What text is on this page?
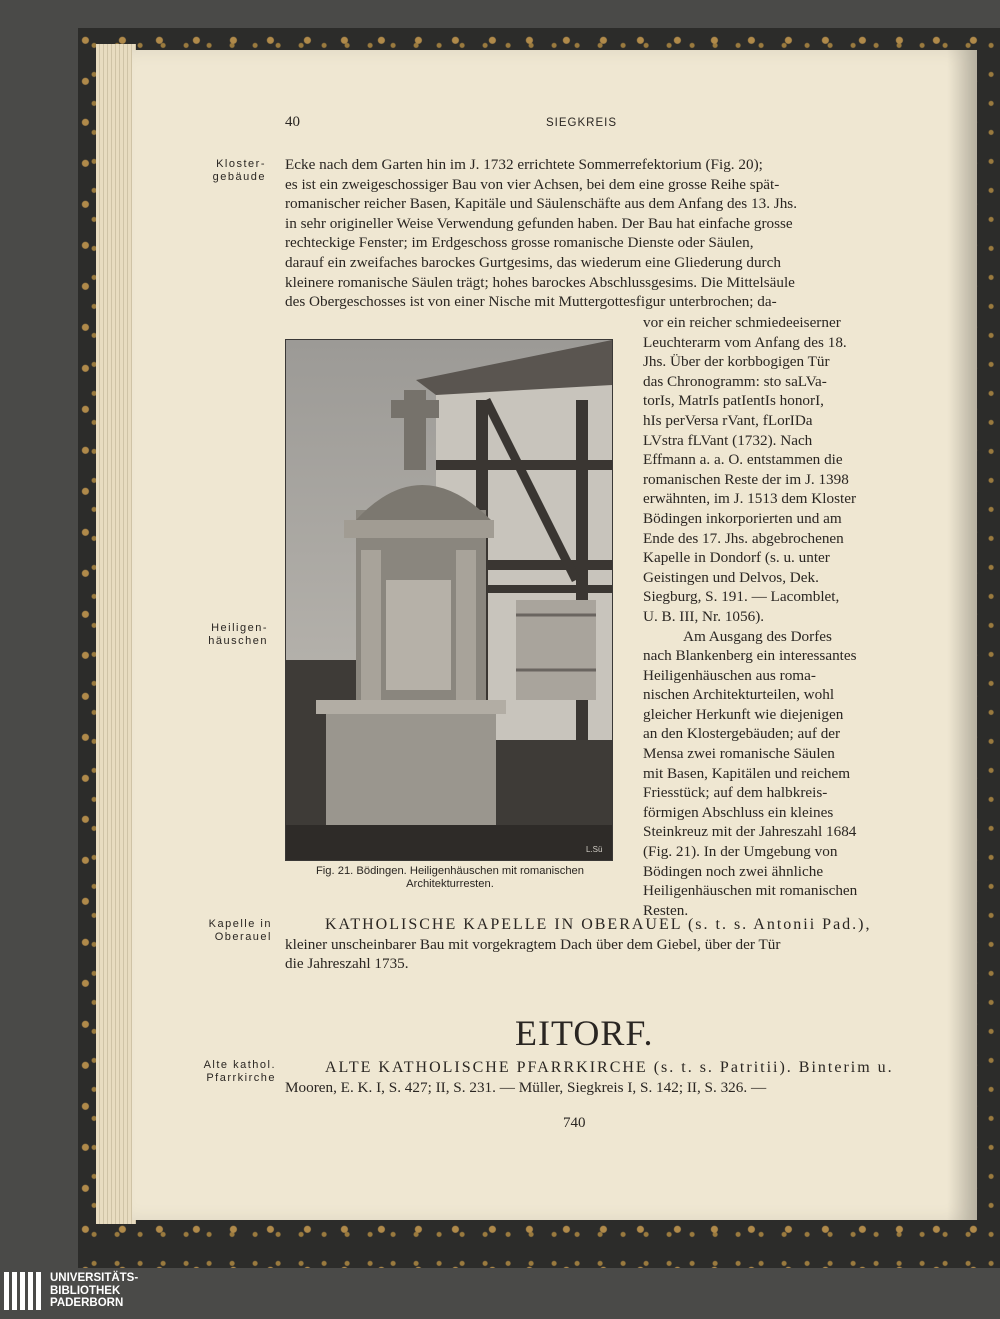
40	SIEGKREIS
Kloster-
gebäude
Heiligen-
häuschen
Kapelle in
Oberauel
Alte kathol.
Pfarrkirche
Ecke nach dem Garten hin im J. 1732 errichtete Sommerrefektorium (Fig. 20);
es ist ein zweigeschossiger Bau von vier Achsen, bei dem eine grosse Reihe spät-
romanischer reicher Basen, Kapitäle und Säulenschäfte aus dem Anfang des 13. Jhs.
in sehr origineller Weise Verwendung gefunden haben. Der Bau hat einfache grosse
rechteckige Fenster; im Erdgeschoss grosse romanische Dienste oder Säulen,
darauf ein zweifaches barockes Gurtgesims, das wiederum eine Gliederung durch
kleinere romanische Säulen trägt; hohes barockes Abschlussgesims. Die Mittelsäule
des Obergeschosses ist von einer Nische mit Muttergottesfigur unterbrochen; da-
L.Sü
Fig. 21. Bödingen. Heiligenhäuschen mit romanischen
Architekturresten.
vor ein reicher schmiedeeiserner
Leuchterarm vom Anfang des 18.
Jhs. Über der korbbogigen Tür
das Chronogramm: sto saLVa-
torIs, MatrIs patIentIs honorI,
hIs perVersa rVant, fLorIDa
LVstra fLVant (1732). Nach
Effmann a. a. O. entstammen die
romanischen Reste der im J. 1398
erwähnten, im J. 1513 dem Kloster
Bödingen inkorporierten und am
Ende des 17. Jhs. abgebrochenen
Kapelle in Dondorf (s. u. unter
Geistingen und Delvos, Dek.
Siegburg, S. 191. — Lacomblet,
U. B. III, Nr. 1056).
Am Ausgang des Dorfes
nach Blankenberg ein interessantes
Heiligenhäuschen aus roma-
nischen Architekturteilen, wohl
gleicher Herkunft wie diejenigen
an den Klostergebäuden; auf der
Mensa zwei romanische Säulen
mit Basen, Kapitälen und reichem
Friesstück; auf dem halbkreis-
förmigen Abschluss ein kleines
Steinkreuz mit der Jahreszahl 1684
(Fig. 21). In der Umgebung von
Bödingen noch zwei ähnliche
Heiligenhäuschen mit romanischen
Resten.
KATHOLISCHE KAPELLE IN OBERAUEL (s. t. s. Antonii Pad.),
kleiner unscheinbarer Bau mit vorgekragtem Dach über dem Giebel, über der Tür
die Jahreszahl 1735.
EITORF.
ALTE KATHOLISCHE PFARRKIRCHE (s. t. s. Patritii). Binterim u.
Mooren, E. K. I, S. 427; II, S. 231. — Müller, Siegkreis I, S. 142; II, S. 326. —
740
UNIVERSITÄTS-
BIBLIOTHEK
PADERBORN
